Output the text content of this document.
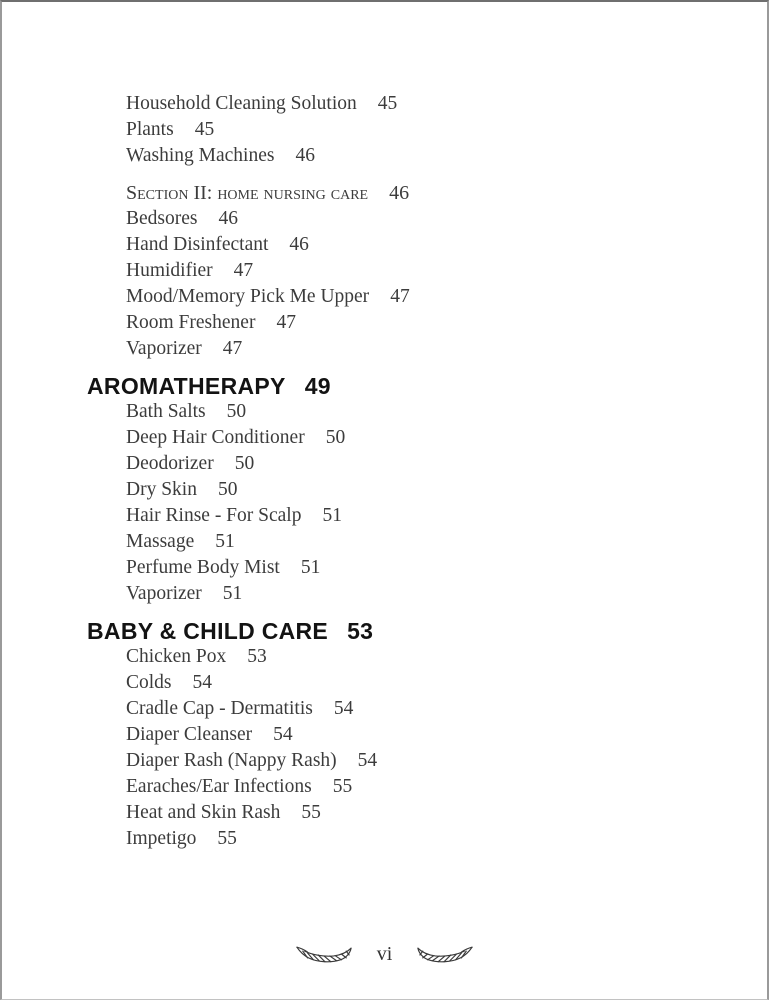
Household Cleaning Solution 45
Plants 45
Washing Machines 46
Section II: home nursing care 46
Bedsores 46
Hand Disinfectant 46
Humidifier 47
Mood/Memory Pick Me Upper 47
Room Freshener 47
Vaporizer 47
AROMATHERAPY 49
Bath Salts 50
Deep Hair Conditioner 50
Deodorizer 50
Dry Skin 50
Hair Rinse - For Scalp 51
Massage 51
Perfume Body Mist 51
Vaporizer 51
BABY & CHILD CARE 53
Chicken Pox 53
Colds 54
Cradle Cap - Dermatitis 54
Diaper Cleanser 54
Diaper Rash (Nappy Rash) 54
Earaches/Ear Infections 55
Heat and Skin Rash 55
Impetigo 55
vi
